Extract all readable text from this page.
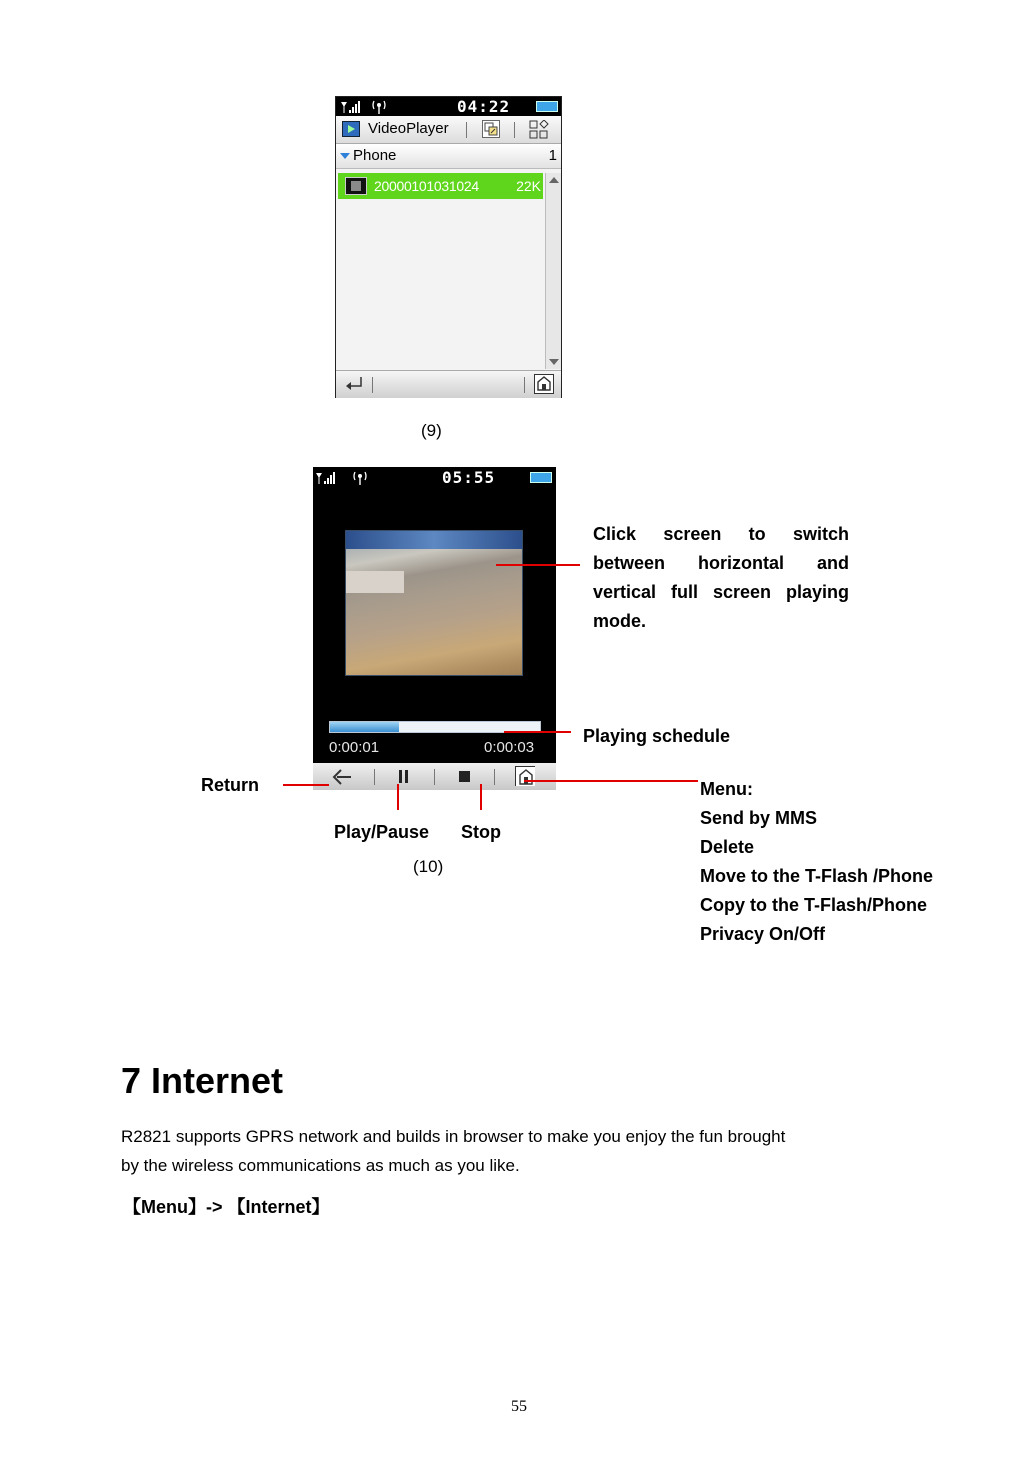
04:22
VideoPlayer
Phone	1
20000101031024	22K
(9)
05:55
0:00:01	0:00:03
Click screen to switch between horizontal and vertical full screen playing mode.
Playing schedule
Return
Play/Pause Stop
Menu:
Send by MMS
Delete
Move to the T-Flash /Phone
Copy to the T-Flash/Phone
Privacy On/Off
(10)
7 Internet
R2821 supports GPRS network and builds in browser to make you enjoy the fun brought
by the wireless communications as much as you like.
【Menu】-> 【Internet】
55
